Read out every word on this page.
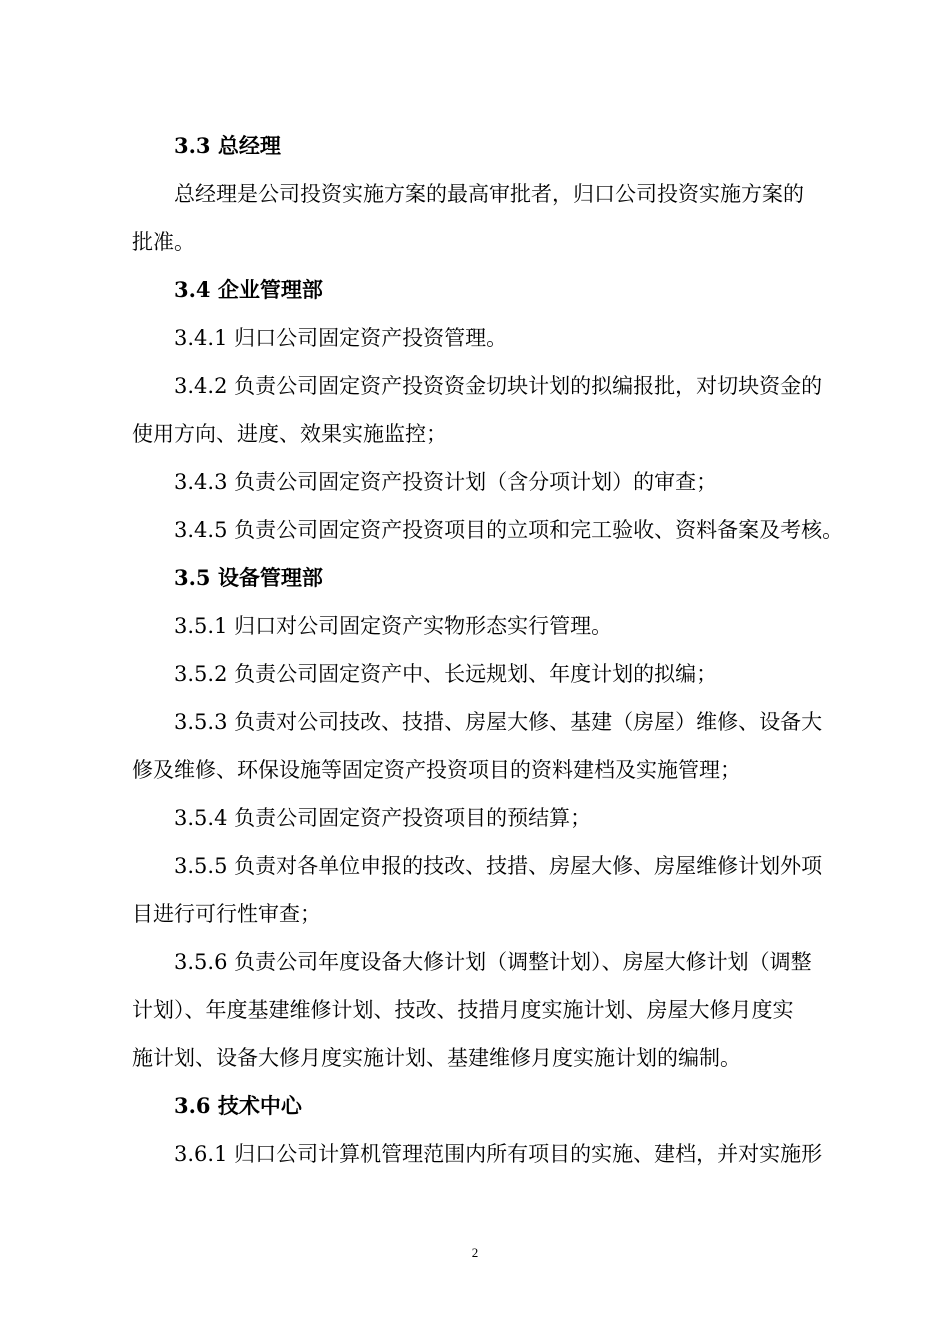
3.3 总经理
总经理是公司投资实施方案的最高审批者，归口公司投资实施方案的
批准。
3.4 企业管理部
3.4.1 归口公司固定资产投资管理。
3.4.2 负责公司固定资产投资资金切块计划的拟编报批，对切块资金的
使用方向、进度、效果实施监控；
3.4.3 负责公司固定资产投资计划（含分项计划）的审查；
3.4.5 负责公司固定资产投资项目的立项和完工验收、资料备案及考核。
3.5 设备管理部
3.5.1 归口对公司固定资产实物形态实行管理。
3.5.2 负责公司固定资产中、长远规划、年度计划的拟编；
3.5.3 负责对公司技改、技措、房屋大修、基建（房屋）维修、设备大
修及维修、环保设施等固定资产投资项目的资料建档及实施管理；
3.5.4 负责公司固定资产投资项目的预结算；
3.5.5 负责对各单位申报的技改、技措、房屋大修、房屋维修计划外项
目进行可行性审查；
3.5.6 负责公司年度设备大修计划（调整计划）、房屋大修计划（调整
计划）、年度基建维修计划、技改、技措月度实施计划、房屋大修月度实
施计划、设备大修月度实施计划、基建维修月度实施计划的编制。
3.6 技术中心
3.6.1 归口公司计算机管理范围内所有项目的实施、建档，并对实施形
2
